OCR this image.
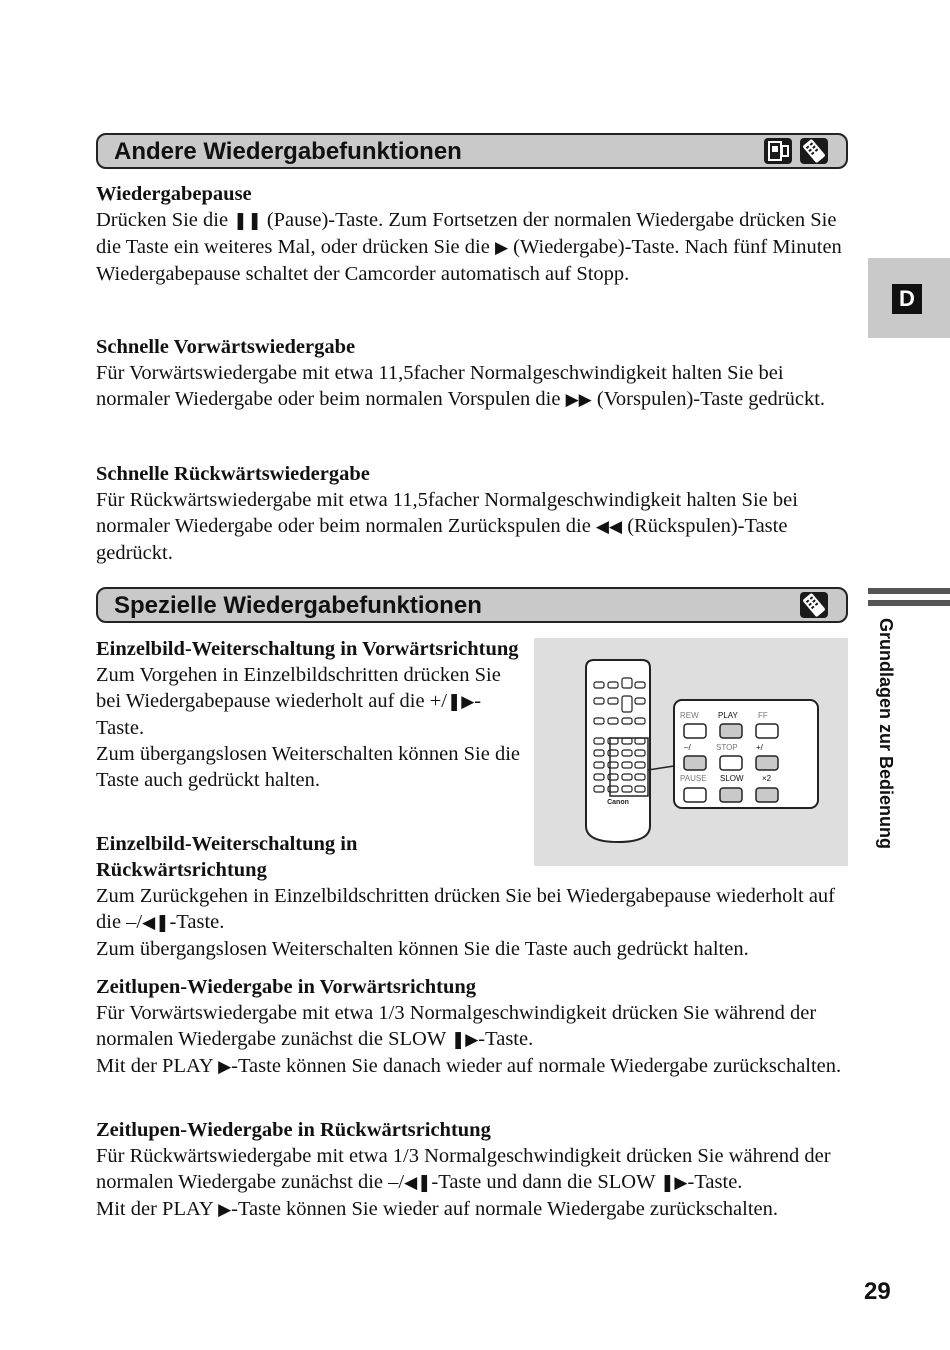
Andere Wiedergabefunktionen
Wiedergabepause

Drücken Sie die ❚❚ (Pause)-Taste. Zum Fortsetzen der normalen Wiedergabe drücken Sie die Taste ein weiteres Mal, oder drücken Sie die ▶ (Wiedergabe)-Taste. Nach fünf Minuten Wiedergabepause schaltet der Camcorder automatisch auf Stopp.

Schnelle Vorwärtswiedergabe

Für Vorwärtswiedergabe mit etwa 11,5facher Normalgeschwindigkeit halten Sie bei normaler Wiedergabe oder beim normalen Vorspulen die ▶▶ (Vorspulen)-Taste gedrückt.

Schnelle Rückwärtswiedergabe

Für Rückwärtswiedergabe mit etwa 11,5facher Normalgeschwindigkeit halten Sie bei normaler Wiedergabe oder beim normalen Zurückspulen die ◀◀ (Rückspulen)-Taste gedrückt.

Spezielle Wiedergabefunktionen
Canon
REW PLAY	FF
–/	STOP +/
PAUSE SLOW ×2
Einzelbild-Weiterschaltung in Vorwärtsrichtung

Zum Vorgehen in Einzelbildschritten drücken Sie bei Wiedergabepause wiederholt auf die +/❚▶-Taste.
Zum übergangslosen Weiterschalten können Sie die Taste auch gedrückt halten.

Einzelbild-Weiterschaltung in Rückwärtsrichtung

Zum Zurückgehen in Einzelbildschritten drücken Sie bei Wiedergabepause wiederholt auf die –/◀❚-Taste.
Zum übergangslosen Weiterschalten können Sie die Taste auch gedrückt halten.

Zeitlupen-Wiedergabe in Vorwärtsrichtung

Für Vorwärtswiedergabe mit etwa 1/3 Normalgeschwindigkeit drücken Sie während der normalen Wiedergabe zunächst die SLOW ❚▶-Taste.
Mit der PLAY ▶-Taste können Sie danach wieder auf normale Wiedergabe zurückschalten.

Zeitlupen-Wiedergabe in Rückwärtsrichtung

Für Rückwärtswiedergabe mit etwa 1/3 Normalgeschwindigkeit drücken Sie während der normalen Wiedergabe zunächst die –/◀❚-Taste und dann die SLOW ❚▶-Taste.
Mit der PLAY ▶-Taste können Sie wieder auf normale Wiedergabe zurückschalten.

D
Grundlagen zur Bedienung
29
